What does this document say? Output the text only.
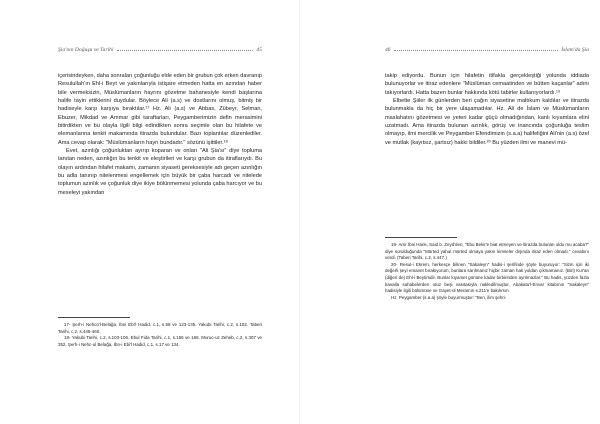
Şia'nın Doğuşu ve Tarihi	45

içerisindeyken, daha sonraları çoğunluğu elde eden bir grubun çok erken davranıp Resulullah'ın Ehl-i Beyt ve yakınlarıyla istişare etmeden hatta en azından haber bile vermeksizin, Müslümanların hayrını gözetme bahanesiyle kendi başlarına halife tayin ettiklerini duydular. Böylece Ali (a.s) ve dostlarını olmuş, bitmiş bir hadiseyle karşı karşıya bıraktılar.¹⁷ Hz. Ali (a.s) ve Abbas, Zübeyr, Selman, Ebuzer, Mikdad ve Ammar gibi taraftarları, Peygamberimizin defin merasimini bitirdikten ve bu olayla ilgili bilgi edindikten sonra seçimle olan bu hilafete ve elemanlarına tenkit makamında itirazda bulundular. Bazı toplantılar düzenlediler. Ama cevap olarak: "Müslümanların hayrı bundadır." sözünü işittiler.¹⁸

Evet, azınlığı çoğunluktan ayırıp koparan ve onları "Ali Şia'sı" diye topluma tanıtan neden, azınlığın bu tenkit ve eleştirileri ve karşı grubun da itiraflarıydı. Bu olayın ardından hilafet makamı, zamanın siyaseti gereksesiyle adı geçen azınlığın bu adla tanınıp nitelenmesi engellemek için büyük bir çaba harcadı ve nitelede toplumun azınlık ve çoğunluk diye ikiye bölünmemesi yolunda çaba harcıyor ve bu meseleyi yakından

17- Şerh-i Nehcü'l-Belağa, İbni Ebi'l Hadid, c.1, s.58 ve 123-135. Yakubi Tarihi, c.2, s.102. Taberi Tarihi, c.2, s.445-460.

18- Yakubi Tarihi, c.2, s.103-106. Ebul Fida Tarihi, c.1, s.156 ve 166. Muruc-uz Zeheb, c.2, s.307 ve 352. Şerh-i Nehc-ul Belağa, İbn-i Ebi'l Hadid, c.1, s.17 ve 134.

46	İslam'da Şia

takip ediyordu. Bunun için hilafetin itifakla gerçekleştiği yolunda iddiada bulunuyorlar ve itiraz edenlere "Müslüman cemaatinden ve bütten kaçanlar" adını takıyorlardı. Hatta bazen bunlar hakkında kötü tabirler kullanıyorlardı.¹⁹

Elbette Şiiler ilk günlerden beri çağın siyasetine maltıkum kaldılar ve itirazda bulunmakla da hiç bir yere ulaşamadılar. Hz. Ali de İslam ve Müslümanların maslahatını gözetmesi ve yeteri kadar güçü olmadığından, kanlı kıyamlara elini uzatmadı. Ama itirazda bulunan azınlık, görüş ve inancında çoğunluğa teslim olmayıp, ilmi mercilik ve Peygamber Efendimizin (s.a.a) halifeliğini Ali'nin (a.s) özel ve mutlak (kayıtsız, şartsız) hakkı bildiler.²⁰ Bu yüzden ilmi ve manevi mü-

19- Amr İbni Haris, Said b. Zeyd'den, "Ebu Bekir'e biat etmeyen ve itirazda bulunan oldu mu acaba?" diye sorulduğunda "Mürted yahut mürted olmaya yakın kimseler dışında itiraz eden olmadı." cevabını verdi. (Taberi Tarihi, c.2, s.447.)

20- Resul-i Ekrem, herkesçe bilinen "Sakaleyn" hadis-i şerifinde şöyle buyuruyor: "Sizin için iki değerli şeyi emanet bırakıyorum, bunlara sarılmanız hiçbir zaman hak yoldan çıkmamanız. (Biri) Kur'an (diğeri de) Ehl-i Beytimdir. Bunlar kıyamet gününe kadar birbirinden ayrılmazlar." Bu hadis, yüzden fazla kanalla sahabelerden otuz beşi vasıtasıyla nakledilmuştur. Abakatu'l-Envar kitabının "Sakaleyn" hadisiyle ilgili bölümüne ve Gayet-ül Meramın s.211'e bakılırsın.

Hz. Peygamber (s.a.a) şöyle buyurmuştur: "Ben, ilim şehri-
